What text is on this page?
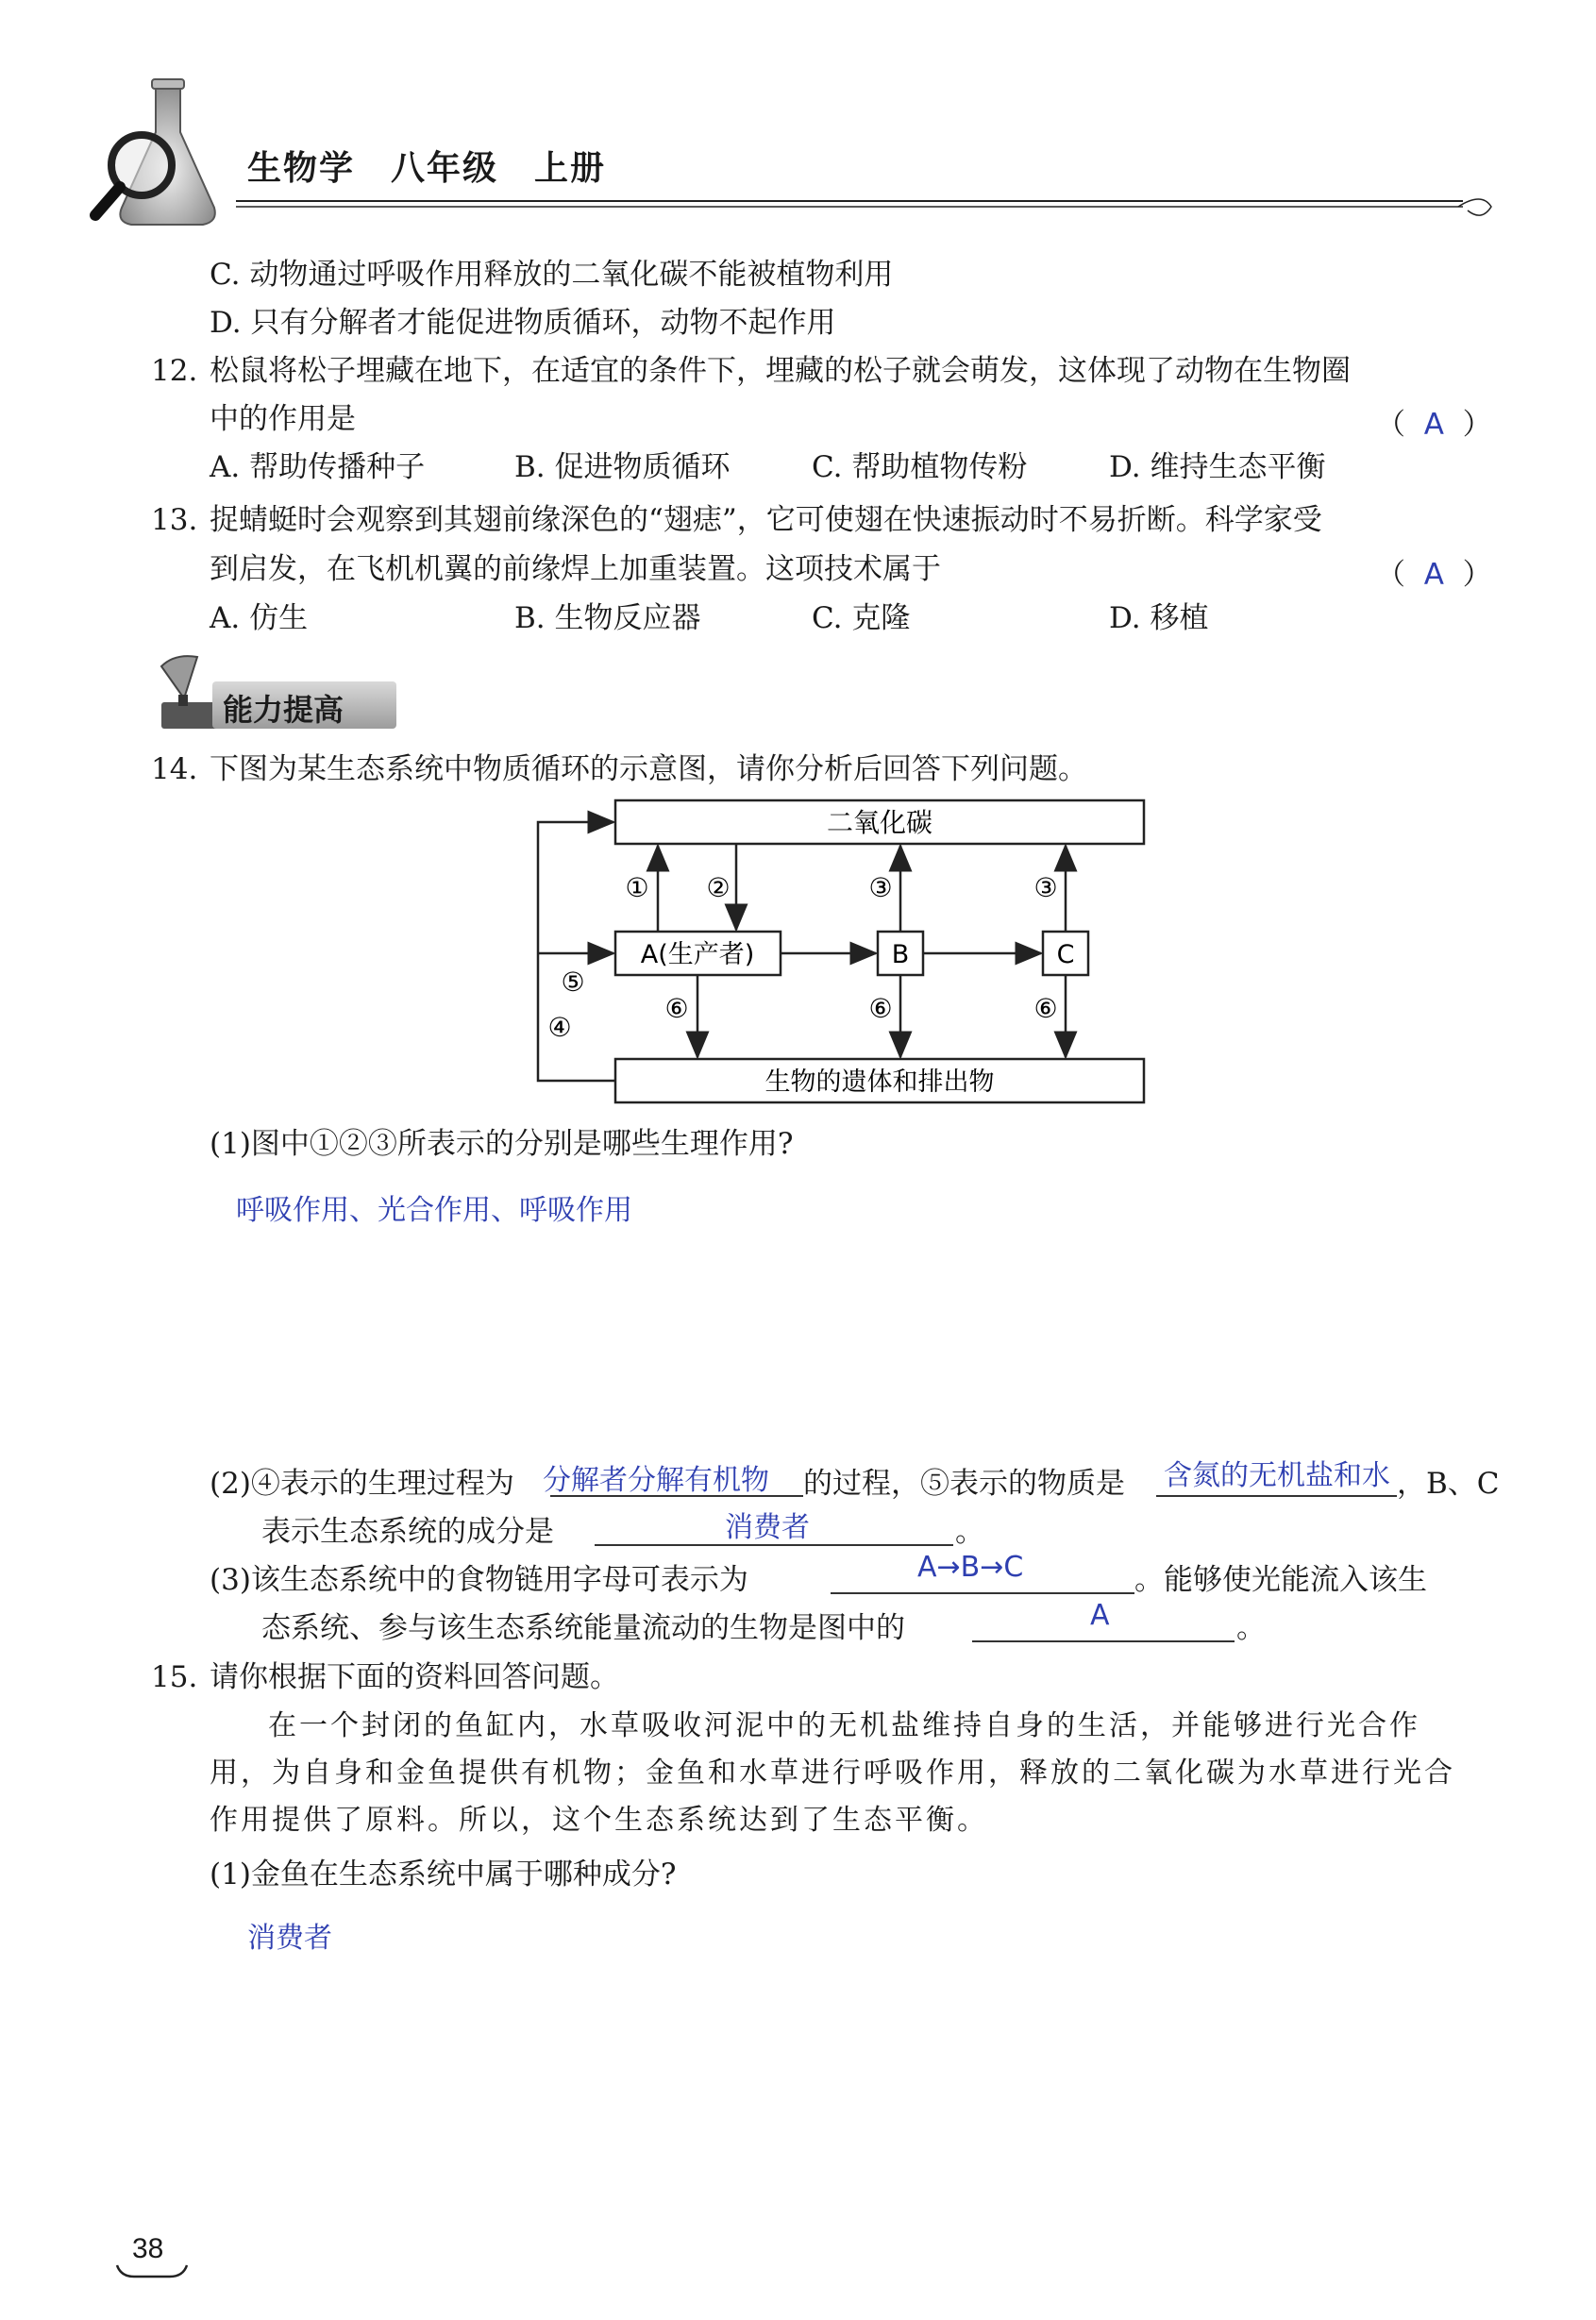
生物学　八年级　上册
C. 动物通过呼吸作用释放的二氧化碳不能被植物利用
D. 只有分解者才能促进物质循环，动物不起作用
12. 松鼠将松子埋藏在地下，在适宜的条件下，埋藏的松子就会萌发，这体现了动物在生物圈
中的作用是	（  A  ）
A. 帮助传播种子	B. 促进物质循环	C. 帮助植物传粉	D. 维持生态平衡
13. 捉蜻蜓时会观察到其翅前缘深色的“翅痣”，它可使翅在快速振动时不易折断。科学家受
到启发，在飞机机翼的前缘焊上加重装置。这项技术属于	（  A  ）
A. 仿生	B. 生物反应器	C. 克隆	D. 移植
能力提高
14. 下图为某生态系统中物质循环的示意图，请你分析后回答下列问题。
二氧化碳
生物的遗体和排出物
A(生产者)	B	C
① ②	③	③
⑤
④
⑥	⑥	⑥
(1)图中①②③所表示的分别是哪些生理作用?
呼吸作用、光合作用、呼吸作用
(2)④表示的生理过程为 分解者分解有机物 的过程，⑤表示的物质是 含氮的无机盐和水 ，B、C
表示生态系统的成分是	消费者	。
(3)该生态系统中的食物链用字母可表示为	A→B→C	。能够使光能流入该生
态系统、参与该生态系统能量流动的生物是图中的	A	。
15. 请你根据下面的资料回答问题。
在一个封闭的鱼缸内，水草吸收河泥中的无机盐维持自身的生活，并能够进行光合作用，为自身和金鱼提供有机物；金鱼和水草进行呼吸作用，释放的二氧化碳为水草进行光合作用提供了原料。所以，这个生态系统达到了生态平衡。
(1)金鱼在生态系统中属于哪种成分?
消费者
38
